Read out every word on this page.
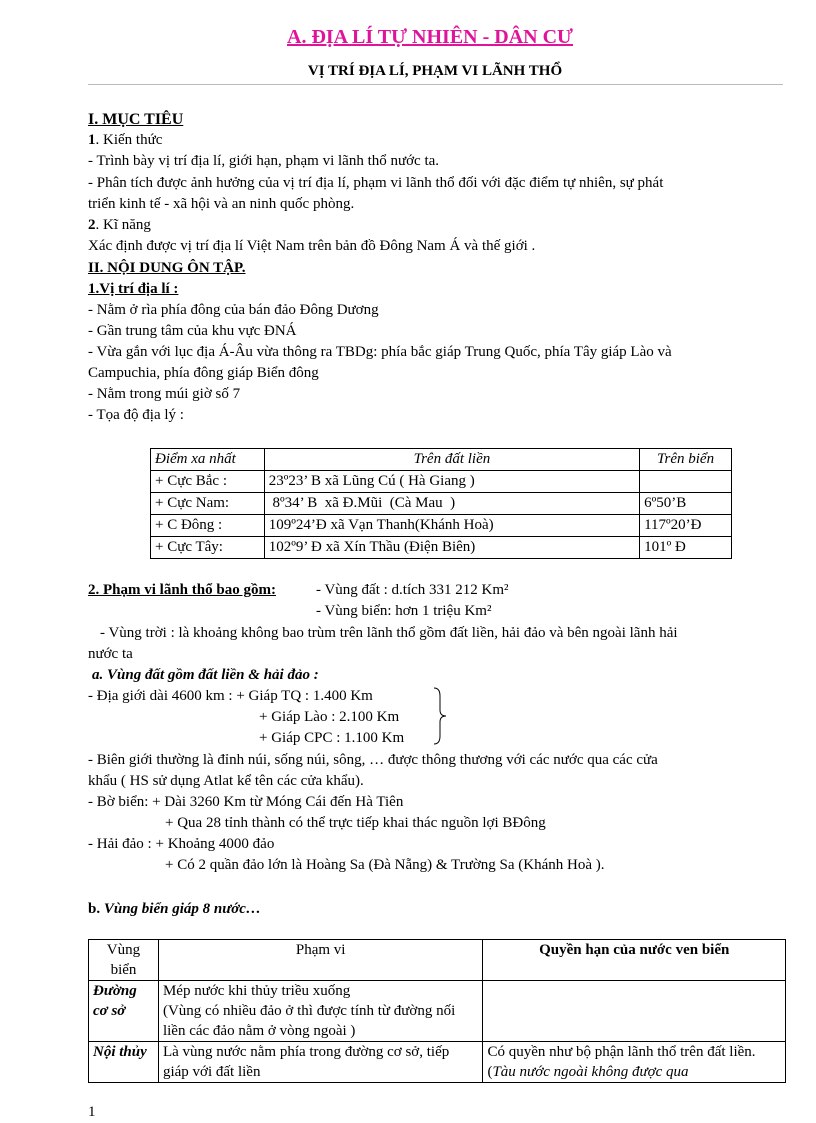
A. ĐỊA LÍ TỰ NHIÊN - DÂN CƯ
VỊ TRÍ ĐỊA LÍ, PHẠM VI LÃNH THỔ
I. MỤC TIÊU
1. Kiến thức
- Trình bày vị trí địa lí, giới hạn, phạm vi lãnh thổ nước ta.
- Phân tích được ảnh hưởng của vị trí địa lí, phạm vi lãnh thổ đối với đặc điểm tự nhiên, sự phát
triển kinh tế - xã hội và an ninh quốc phòng.
2. Kĩ năng
Xác định được vị trí địa lí Việt Nam trên bản đồ Đông Nam Á và thế giới .
II. NỘI DUNG ÔN TẬP.
1.Vị trí địa lí :
- Nằm ở rìa phía đông của bán đảo Đông Dương
- Gần trung tâm của khu vực ĐNÁ
- Vừa gắn với lục địa Á-Âu vừa thông ra TBDg: phía bắc giáp Trung Quốc, phía Tây giáp Lào và
Campuchia, phía đông giáp Biển đông
- Nằm trong múi giờ số 7
- Tọa độ địa lý :
Điểm xa nhất	Trên đất liền	Trên biển
+ Cực Bắc :	23º23’ B xã Lũng Cú ( Hà Giang )	
+ Cực Nam:	8º34’ B  xã Đ.Mũi  (Cà Mau  )	6º50’B
+ C Đông :	109º24’Đ xã Vạn Thanh(Khánh Hoà)	117º20’Đ
+ Cực Tây:	102º9’ Đ xã Xín Thầu (Điện Biên)	101º Đ
2. Phạm vi lãnh thổ bao gồm:	- Vùng đất : d.tích 331 212 Km²
- Vùng biển: hơn 1 triệu Km²
- Vùng trời : là khoảng không bao trùm trên lãnh thổ gồm đất liền, hải đảo và bên ngoài lãnh hải
nước ta
a. Vùng đất gồm đất liền & hải đảo :
- Địa giới dài 4600 km : + Giáp TQ : 1.400 Km
+ Giáp Lào : 2.100 Km
+ Giáp CPC : 1.100 Km
- Biên giới thường là đỉnh núi, sống núi, sông, … được thông thương với các nước qua các cửa
khẩu ( HS sử dụng Atlat kể tên các cửa khẩu).
- Bờ biển: + Dài 3260 Km từ Móng Cái đến Hà Tiên
+ Qua 28 tỉnh thành có thể trực tiếp khai thác nguồn lợi BĐông
- Hải đảo : + Khoảng 4000 đảo
+ Có 2 quần đảo lớn là Hoàng Sa (Đà Nẵng) & Trường Sa (Khánh Hoà ).
b. Vùng biển giáp 8 nước…
Vùng biển	Phạm vi	Quyền hạn của nước ven biển
Đường cơ sở	Mép nước khi thủy triều xuống
(Vùng có nhiều đảo ở thì được tính từ đường nối liền các đảo nằm ở vòng ngoài )	

Nội thủy	Là vùng nước nằm phía trong đường cơ sở, tiếp giáp với đất liền	Có quyền như bộ phận lãnh thổ trên đất liền.(Tàu nước ngoài không được qua
1
